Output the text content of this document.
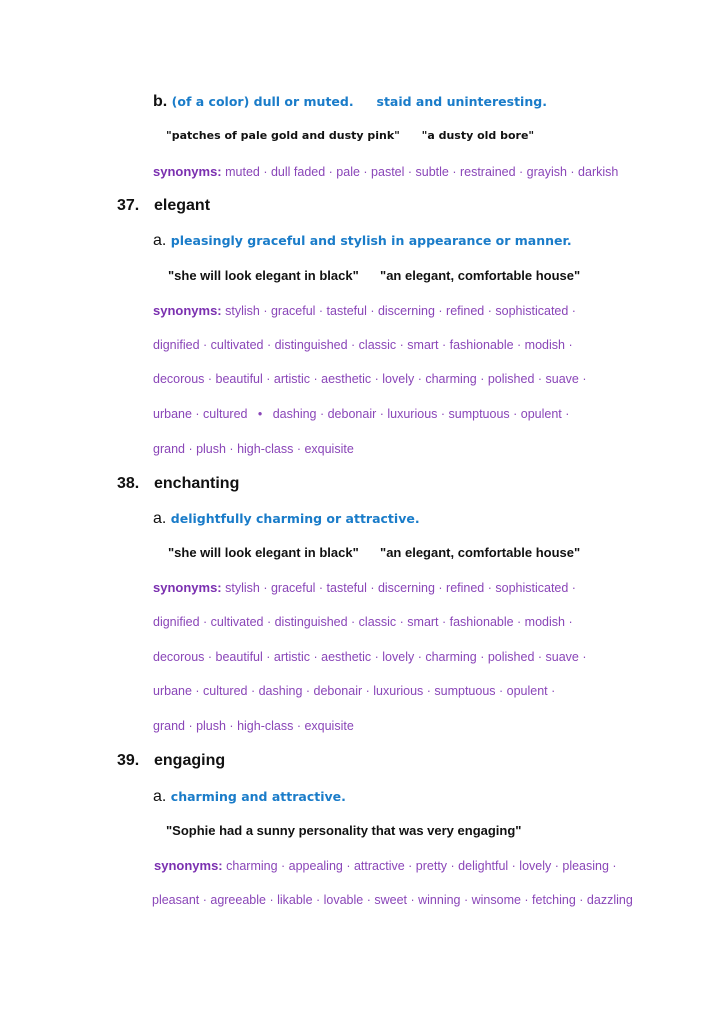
b. (of a color) dull or muted. staid and uninteresting.
"patches of pale gold and dusty pink" "a dusty old bore"
synonyms: muted · dull faded · pale · pastel · subtle · restrained · grayish · darkish
37. elegant
a. pleasingly graceful and stylish in appearance or manner.
"she will look elegant in black" "an elegant, comfortable house"
synonyms: stylish · graceful · tasteful · discerning · refined · sophisticated ·
dignified · cultivated · distinguished · classic · smart · fashionable · modish ·
decorous · beautiful · artistic · aesthetic · lovely · charming · polished · suave ·
urbane · cultured   •   dashing · debonair · luxurious · sumptuous · opulent ·
grand · plush · high-class · exquisite
38. enchanting
a. delightfully charming or attractive.
"she will look elegant in black" "an elegant, comfortable house"
synonyms: stylish · graceful · tasteful · discerning · refined · sophisticated ·
dignified · cultivated · distinguished · classic · smart · fashionable · modish ·
decorous · beautiful · artistic · aesthetic · lovely · charming · polished · suave ·
urbane · cultured · dashing · debonair · luxurious · sumptuous · opulent ·
grand · plush · high-class · exquisite
39. engaging
a. charming and attractive.
"Sophie had a sunny personality that was very engaging"
synonyms: charming · appealing · attractive · pretty · delightful · lovely · pleasing ·
pleasant · agreeable · likable · lovable · sweet · winning · winsome · fetching · dazzling
